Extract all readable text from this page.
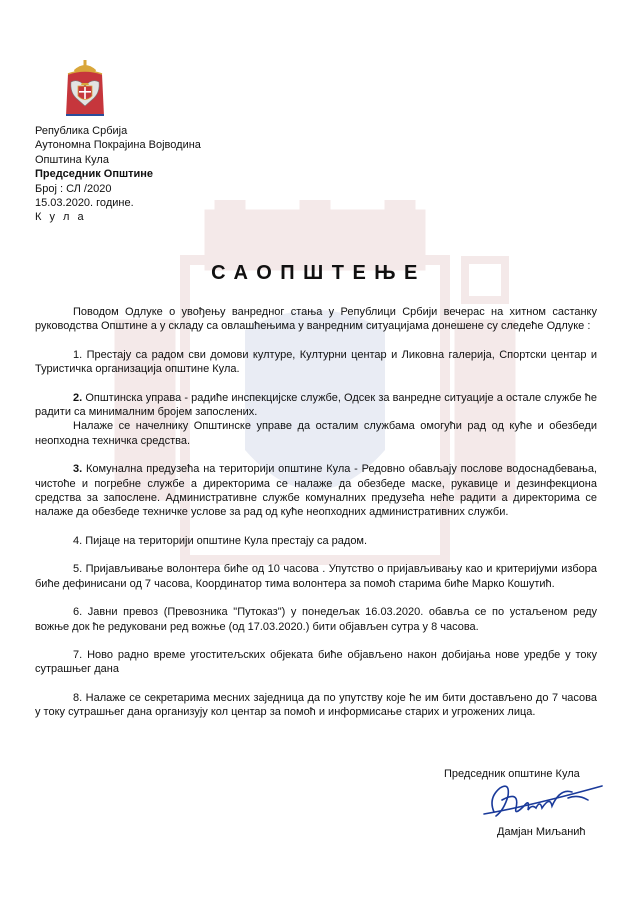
Република Србија
Аутономна Покрајина Војводина
Општина Кула
Председник Општине
Број : СЛ /2020
15.03.2020. године.
К у л а
САОПШТЕЊЕ

Поводом Одлуке о увођењу ванредног стања у Републици Србији вечерас на хитном састанку руководства Општине а у складу са овлашћењима у ванредним ситуацијама донешене су следеће Одлуке :

1. Престају са радом сви домови културе, Културни центар и Ликовна галерија, Спортски центар и Туристичка организација општине Кула.

2. Општинска управа - радиће инспекцијске службе, Одсек за ванредне ситуације а остале службе ће радити са минималним бројем запослених.

Налаже се начелнику Општинске управе да осталим службама омогући рад од куће и обезбеди неопходна техничка средства.

3. Комунална предузећа на територији општине Кула - Редовно обављају послове водоснадбевања, чистоће и погребне службе а директорима се налаже да обезбеде маске, рукавице и дезинфекциона средства за запослене. Административне службе комуналних предузећа неће радити а директорима се налаже да обезбеде техничке услове за рад од куће неопходних административних служби.

4. Пијаце на територији општине Кула престају са радом.

5. Пријављивање волонтера биће од 10 часова . Упутство о пријављивању као и критеријуми избора биће дефинисани од 7 часова, Координатор тима волонтера за помоћ старима биће Марко Кошутић.

6. Јавни превоз (Превозника "Путоказ") у понедељак 16.03.2020. обавља се по устаљеном реду вожње док ће редуковани ред вожње (од 17.03.2020.) бити објављен сутра у 8 часова.

7. Ново радно време угоститељских објеката биће објављено након добијања нове уредбе у току сутрашњег дана

8. Налаже се секретарима месних заједница да по упутству које ће им бити достављено до 7 часова у току сутрашњег дана организују кол центар за помоћ и информисање старих и угрожених лица.

Председник општине Кула
Дамјан Миљанић
